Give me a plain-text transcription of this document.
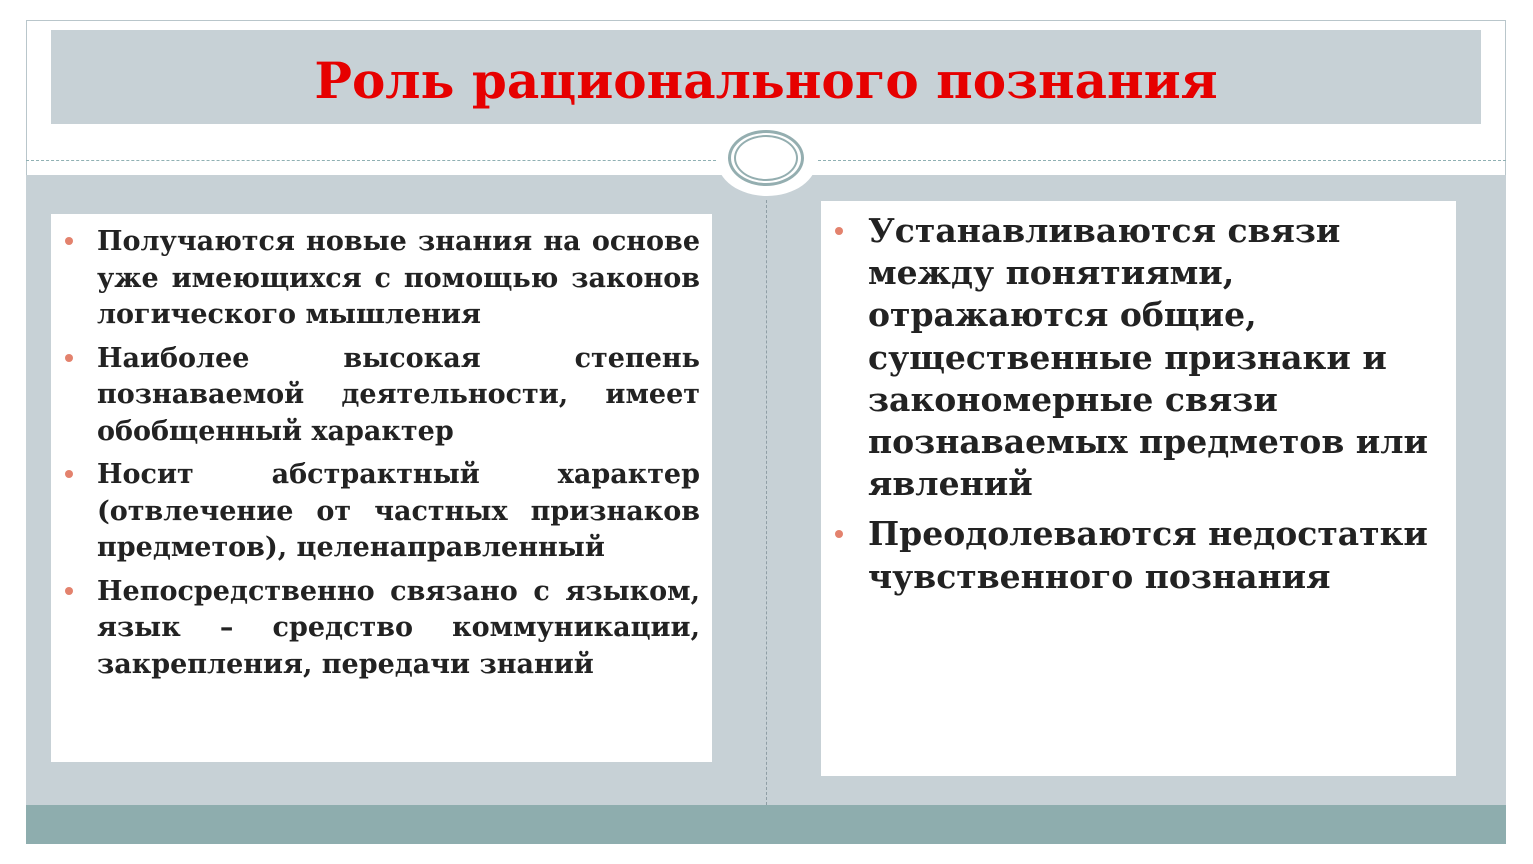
Роль рационального познания
Получаются новые знания на основе уже имеющихся с помощью законов логического мышления
Наиболее высокая степень познаваемой деятельности, имеет обобщенный характер
Носит абстрактный характер (отвлечение от частных признаков предметов), целенаправленный
Непосредственно связано с языком, язык – средство коммуникации, закрепления, передачи знаний
Устанавливаются связи между понятиями, отражаются общие, существенные признаки и закономерные связи познаваемых предметов или явлений
Преодолеваются недостатки чувственного познания
